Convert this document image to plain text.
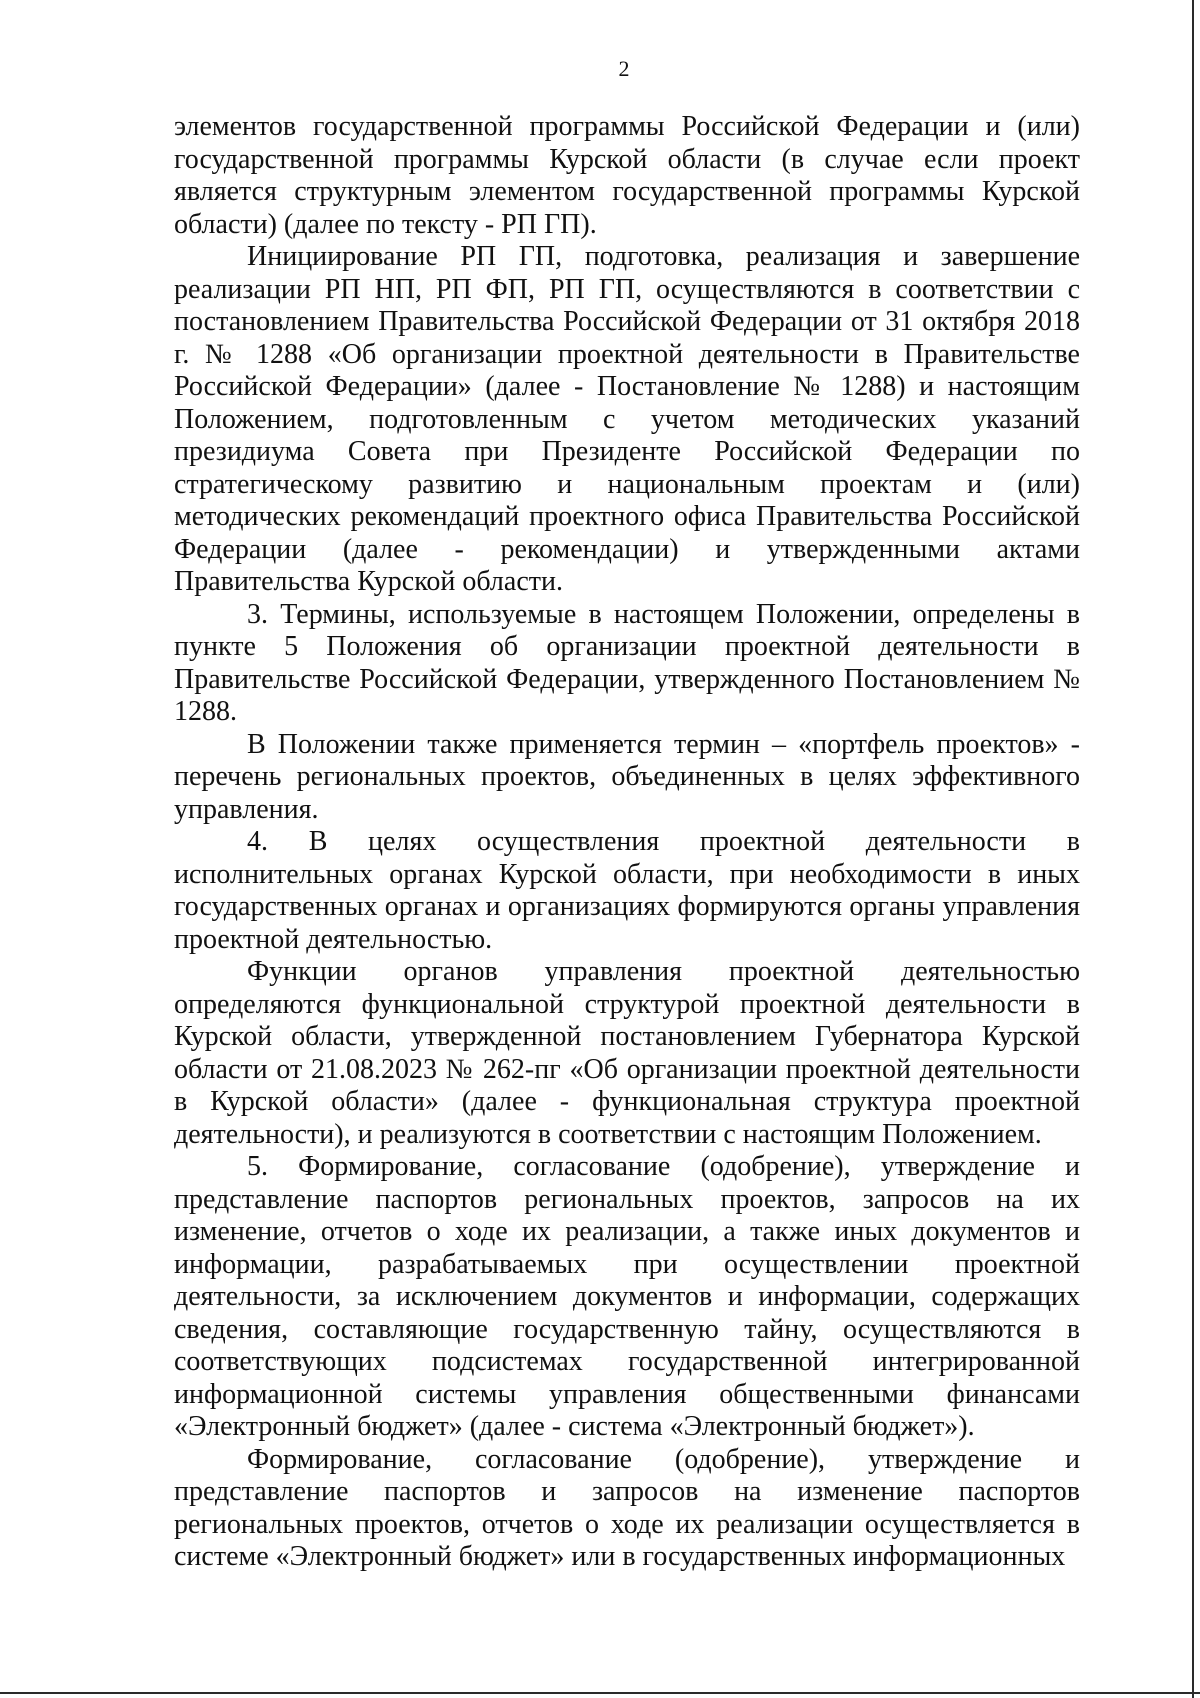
2

элементов государственной программы Российской Федерации и (или) государственной программы Курской области (в случае если проект является структурным элементом государственной программы Курской области) (далее по тексту - РП ГП).

Инициирование РП ГП, подготовка, реализация и завершение реализации РП НП, РП ФП, РП ГП, осуществляются в соответствии с постановлением Правительства Российской Федерации от 31 октября 2018 г. № 1288 «Об организации проектной деятельности в Правительстве Российской Федерации» (далее - Постановление № 1288) и настоящим Положением, подготовленным с учетом методических указаний президиума Совета при Президенте Российской Федерации по стратегическому развитию и национальным проектам и (или) методических рекомендаций проектного офиса Правительства Российской Федерации (далее - рекомендации) и утвержденными актами Правительства Курской области.

3. Термины, используемые в настоящем Положении, определены в пункте 5 Положения об организации проектной деятельности в Правительстве Российской Федерации, утвержденного Постановлением № 1288.

В Положении также применяется термин – «портфель проектов» - перечень региональных проектов, объединенных в целях эффективного управления.

4. В целях осуществления проектной деятельности в исполнительных органах Курской области, при необходимости в иных государственных органах и организациях формируются органы управления проектной деятельностью.

Функции органов управления проектной деятельностью определяются функциональной структурой проектной деятельности в Курской области, утвержденной постановлением Губернатора Курской области от 21.08.2023 № 262-пг «Об организации проектной деятельности в Курской области» (далее - функциональная структура проектной деятельности), и реализуются в соответствии с настоящим Положением.

5. Формирование, согласование (одобрение), утверждение и представление паспортов региональных проектов, запросов на их изменение, отчетов о ходе их реализации, а также иных документов и информации, разрабатываемых при осуществлении проектной деятельности, за исключением документов и информации, содержащих сведения, составляющие государственную тайну, осуществляются в соответствующих подсистемах государственной интегрированной информационной системы управления общественными финансами «Электронный бюджет» (далее - система «Электронный бюджет»).

Формирование, согласование (одобрение), утверждение и представление паспортов и запросов на изменение паспортов региональных проектов, отчетов о ходе их реализации осуществляется в системе «Электронный бюджет» или в государственных информационных
